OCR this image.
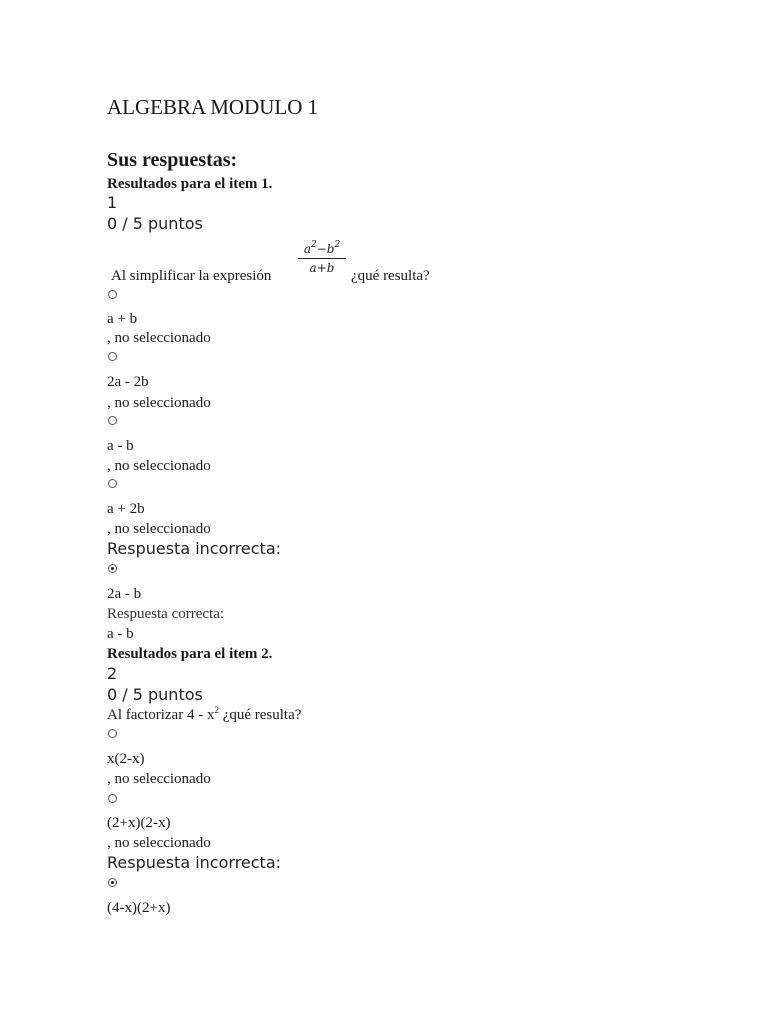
ALGEBRA MODULO 1
Sus respuestas:
Resultados para el item 1.
1
0 / 5 puntos
Al simplificar la expresión
$a^2-b^2$
a+b	¿qué resulta?
a + b
, no seleccionado
2a - 2b
, no seleccionado
a - b
, no seleccionado
a + 2b
, no seleccionado
Respuesta incorrecta:
2a - b
Respuesta correcta:
a - b
Resultados para el item 2.
2
0 / 5 puntos
Al factorizar $4 - x^2$ ¿qué resulta?
x(2-x)
, no seleccionado
(2+x)(2-x)
, no seleccionado
Respuesta incorrecta:
(4-x)(2+x)
